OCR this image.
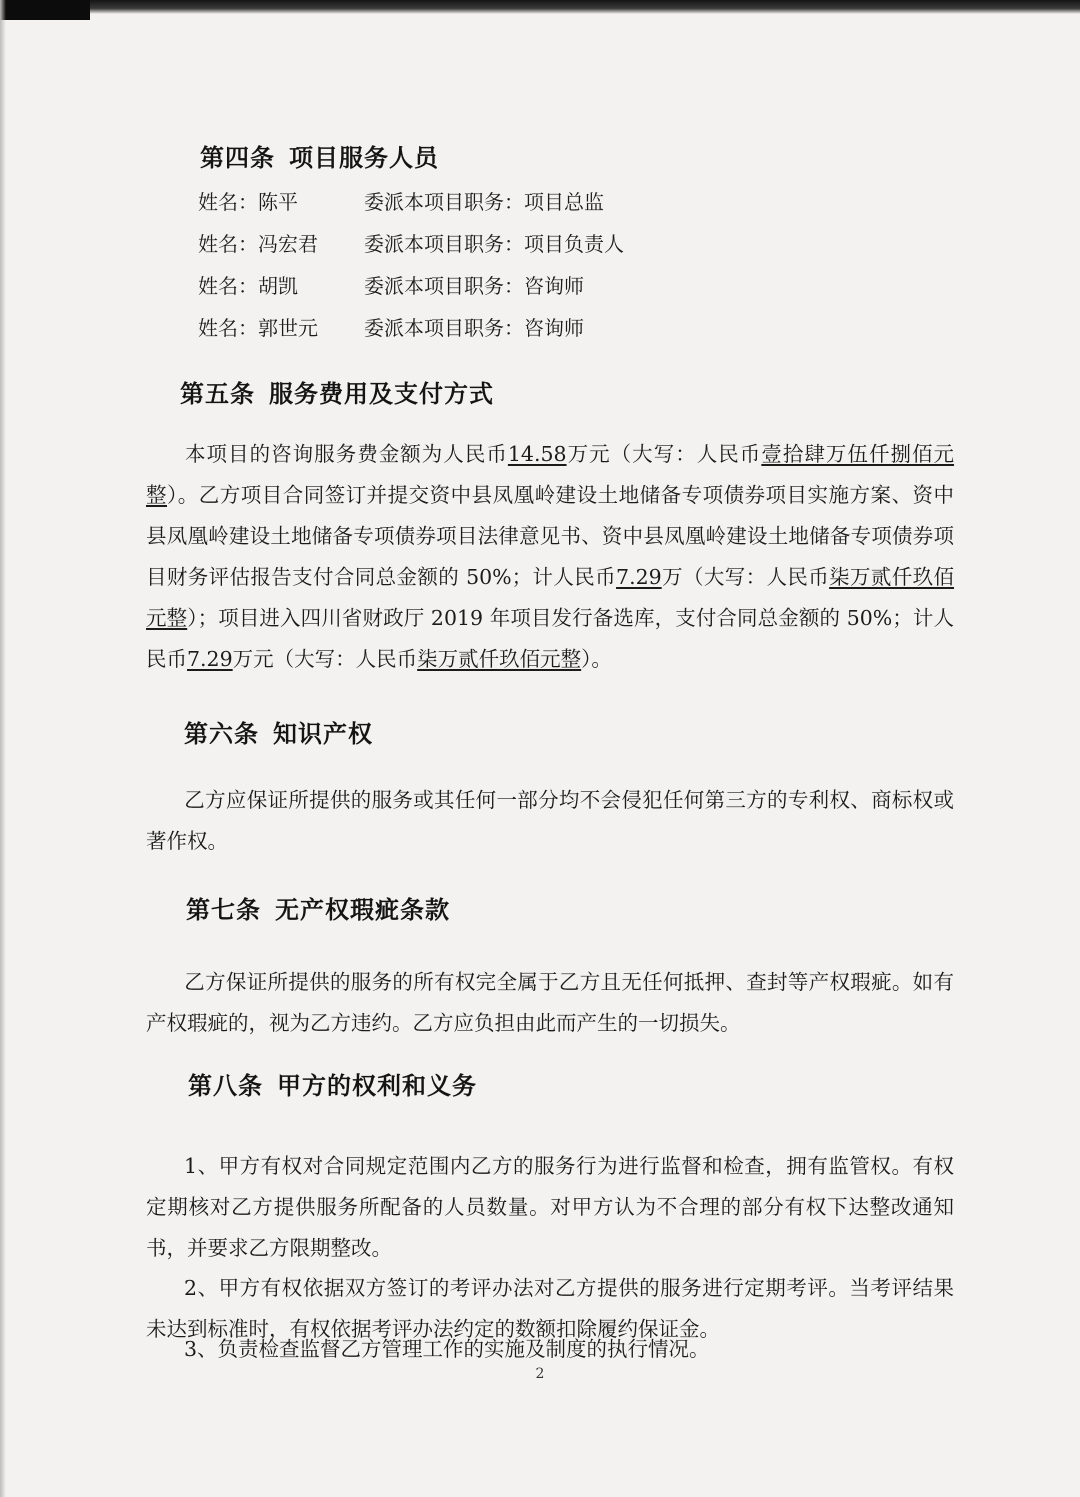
第四条 项目服务人员
姓名：陈平	委派本项目职务：项目总监
姓名：冯宏君 委派本项目职务：项目负责人
姓名：胡凯	委派本项目职务：咨询师
姓名：郭世元 委派本项目职务：咨询师
第五条 服务费用及支付方式
本项目的咨询服务费金额为人民币14.58万元（大写：人民币壹拾肆万伍仟捌佰元整）。乙方项目合同签订并提交资中县凤凰岭建设土地储备专项债券项目实施方案、资中县凤凰岭建设土地储备专项债券项目法律意见书、资中县凤凰岭建设土地储备专项债券项目财务评估报告支付合同总金额的 50%；计人民币7.29万（大写：人民币柒万贰仟玖佰元整）；项目进入四川省财政厅 2019 年项目发行备选库，支付合同总金额的 50%；计人民币7.29万元（大写：人民币柒万贰仟玖佰元整）。
第六条 知识产权
乙方应保证所提供的服务或其任何一部分均不会侵犯任何第三方的专利权、商标权或著作权。
第七条 无产权瑕疵条款
乙方保证所提供的服务的所有权完全属于乙方且无任何抵押、查封等产权瑕疵。如有产权瑕疵的，视为乙方违约。乙方应负担由此而产生的一切损失。
第八条 甲方的权利和义务
1、甲方有权对合同规定范围内乙方的服务行为进行监督和检查，拥有监管权。有权定期核对乙方提供服务所配备的人员数量。对甲方认为不合理的部分有权下达整改通知书，并要求乙方限期整改。
2、甲方有权依据双方签订的考评办法对乙方提供的服务进行定期考评。当考评结果未达到标准时，有权依据考评办法约定的数额扣除履约保证金。
3、负责检查监督乙方管理工作的实施及制度的执行情况。
2
